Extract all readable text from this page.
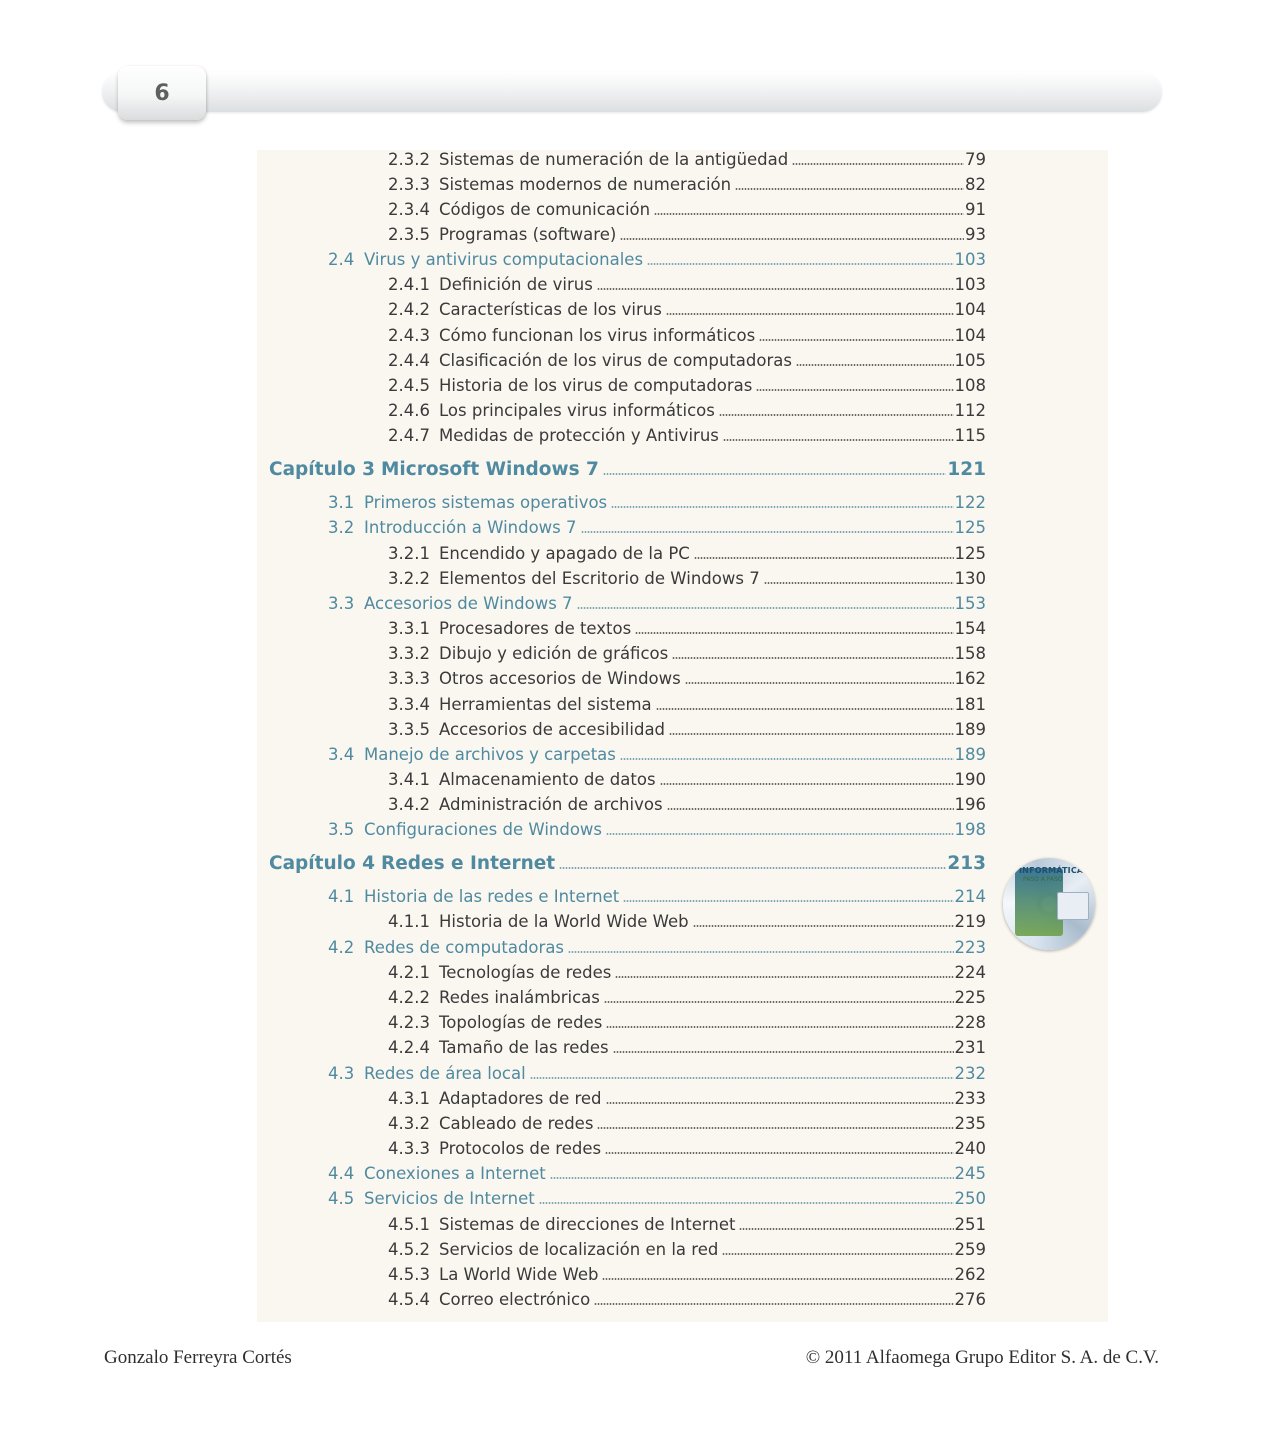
6
2.3.2 Sistemas de numeración de la antigüedad	79
2.3.3 Sistemas modernos de numeración	82
2.3.4 Códigos de comunicación	91
2.3.5 Programas (software)	93
2.4 Virus y antivirus computacionales	103
2.4.1 Definición de virus	103
2.4.2 Características de los virus	104
2.4.3 Cómo funcionan los virus informáticos	104
2.4.4 Clasificación de los virus de computadoras	105
2.4.5 Historia de los virus de computadoras	108
2.4.6 Los principales virus informáticos	112
2.4.7 Medidas de protección y Antivirus	115
Capítulo 3 Microsoft Windows 7	121
3.1 Primeros sistemas operativos	122
3.2 Introducción a Windows 7	125
3.2.1 Encendido y apagado de la PC	125
3.2.2 Elementos del Escritorio de Windows 7	130
3.3 Accesorios de Windows 7	153
3.3.1 Procesadores de textos	154
3.3.2 Dibujo y edición de gráficos	158
3.3.3 Otros accesorios de Windows	162
3.3.4 Herramientas del sistema	181
3.3.5 Accesorios de accesibilidad	189
3.4 Manejo de archivos y carpetas	189
3.4.1 Almacenamiento de datos	190
3.4.2 Administración de archivos	196
3.5 Configuraciones de Windows	198
Capítulo 4 Redes e Internet	213
4.1 Historia de las redes e Internet	214
4.1.1 Historia de la World Wide Web	219
4.2 Redes de computadoras	223
4.2.1 Tecnologías de redes	224
4.2.2 Redes inalámbricas	225
4.2.3 Topologías de redes	228
4.2.4 Tamaño de las redes	231
4.3 Redes de área local	232
4.3.1 Adaptadores de red	233
4.3.2 Cableado de redes	235
4.3.3 Protocolos de redes	240
4.4 Conexiones a Internet	245
4.5 Servicios de Internet	250
4.5.1 Sistemas de direcciones de Internet	251
4.5.2 Servicios de localización en la red	259
4.5.3 La World Wide Web	262
4.5.4 Correo electrónico	276
INFORMÁTICA
PASO A PASO
Gonzalo Ferreyra Cortés	© 2011 Alfaomega Grupo Editor S. A. de C.V.
